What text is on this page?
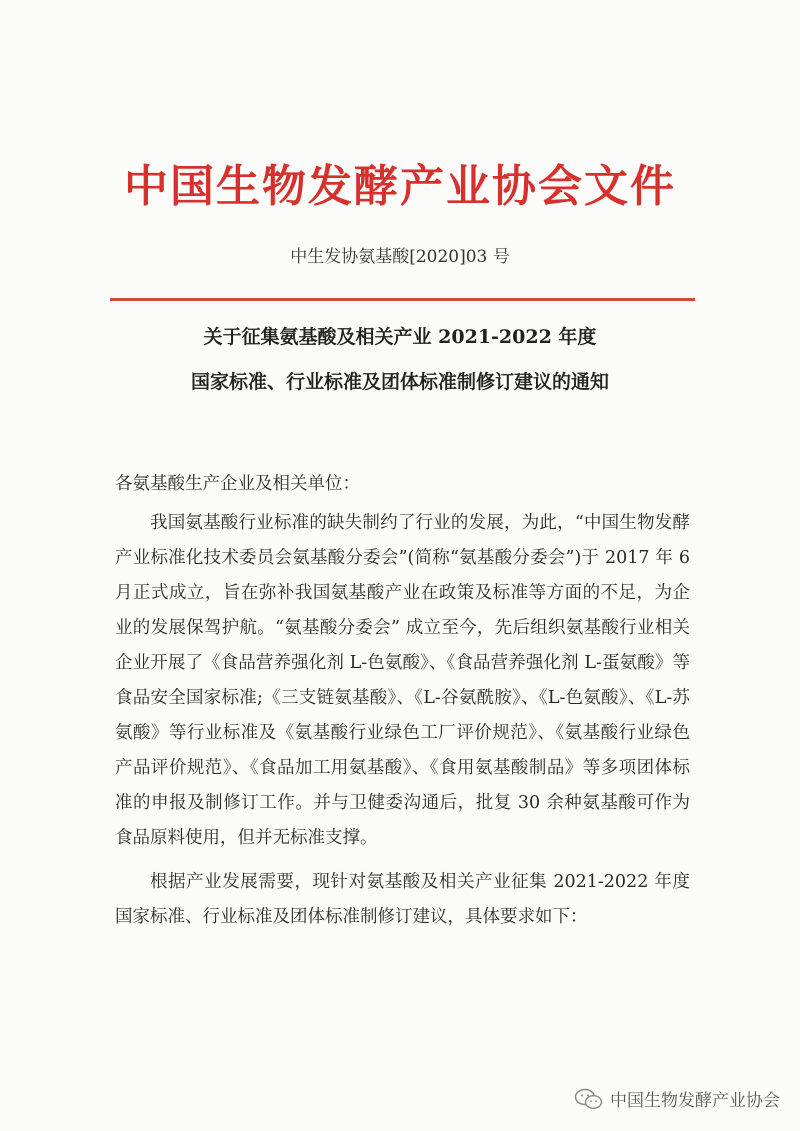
中国生物发酵产业协会文件
中生发协氨基酸[2020]03 号
关于征集氨基酸及相关产业 2021-2022 年度
国家标准、行业标准及团体标准制修订建议的通知

各氨基酸生产企业及相关单位：

我国氨基酸行业标准的缺失制约了行业的发展，为此，“中国生物发酵产业标准化技术委员会氨基酸分委会”(简称“氨基酸分委会”)于 2017 年 6 月正式成立，旨在弥补我国氨基酸产业在政策及标准等方面的不足，为企业的发展保驾护航。“氨基酸分委会” 成立至今，先后组织氨基酸行业相关企业开展了《食品营养强化剂 L-色氨酸》、《食品营养强化剂 L-蛋氨酸》等食品安全国家标准;《三支链氨基酸》、《L-谷氨酰胺》、《L-色氨酸》、《L-苏氨酸》等行业标准及《氨基酸行业绿色工厂评价规范》、《氨基酸行业绿色产品评价规范》、《食品加工用氨基酸》、《食用氨基酸制品》等多项团体标准的申报及制修订工作。并与卫健委沟通后，批复 30 余种氨基酸可作为食品原料使用，但并无标准支撑。

根据产业发展需要，现针对氨基酸及相关产业征集 2021-2022 年度国家标准、行业标准及团体标准制修订建议，具体要求如下：

中国生物发酵产业协会
